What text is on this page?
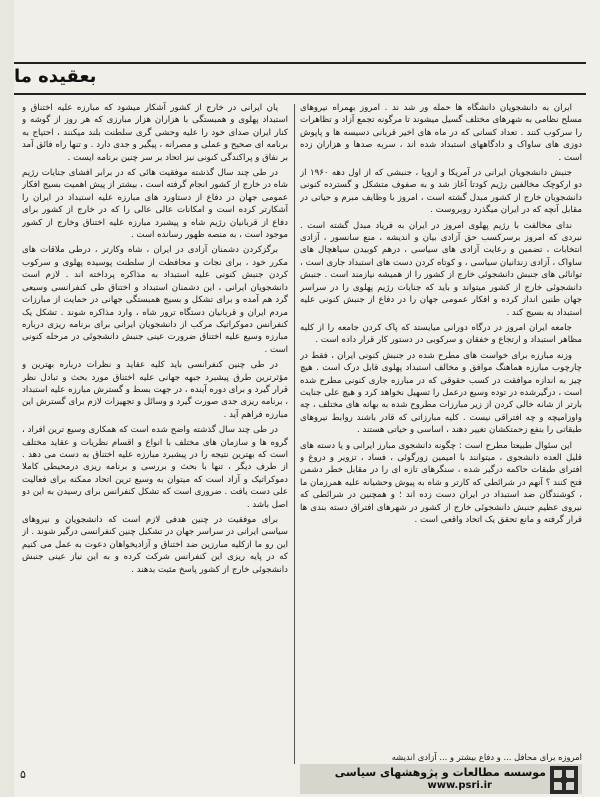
بعقیده ما

ایران به دانشجویان دانشگاه ها حمله ور شد ند . امروز بهمراه نیروهای مسلح نظامی به شهرهای مختلف گسیل میشوند تا مرگونه تجمع آزاد و تظاهرات را سرکوب کنند . تعداد کسانی که در ماه های اخیر قربانی دسیسه ها و پاپوش دوزی های ساواک و دادگاههای استبداد شده اند ، سربه صدها و هزاران زده است .

جنبش دانشجویان ایرانی در آمریکا و اروپا ، جنبشی که از اول دهه ۱۹۶۰ از دو ارکوچک مخالفین رژیم کودتا آغاز شد و به صفوف متشکل و گسترده کنونی دانشجویان خارج از کشور مبدل گشته است ، امروز با وظایف مبرم و حیاتی در مقابل آنچه که در ایران میگذرد روبروست .

ندای مخالفت با رژیم پهلوی امروز در ایران به فریاد مبدل گشته است . نبردی که امروز برسرکسب حق آزادی بیان و اندیشه ، منع سانسور ، آزادی انتخابات ، تضمین و رعایت آزادی های سیاسی ، درهم کوبیدن سیاهچال های ساواک ، آزادی زندانیان سیاسی ، و کوتاه کردن دست های استبداد جاری است ، توانائی های جنبش دانشجوئی خارج از کشور را از همیشه نیازمند است . جنبش دانشجوئی خارج از کشور میتواند و باید که جنایات رژیم پهلوی را در سراسر جهان طنین انداز کرده و افکار عمومی جهان را در دفاع از جنبش کنونی علیه استبداد به بسیج کند .

جامعه ایران امروز در درگاه دورانی میایستد که پاک کردن جامعه را از کلیه مظاهر استبداد و ارتجاع و خفقان و سرکوبی در دستور کار قرار داده است .

وزنه مبارزه برای خواست های مطرح شده در جنبش کنونی ایران ، فقط در چارچوب مبارزه هماهنگ موافق و مخالف استبداد پهلوی قابل درک است . هیچ چیز به اندازه موافقت در کسب حقوقی که در مبارزه جاری کنونی مطرح شده است ، درگیرشده در توده وسیع درعمل را تسهیل نخواهد کرد و هیچ علی جنایت بارتر از شانه خالی کردن از زیر مبارزات مطروح شده به بهانه های مختلف ، چه واوزامیچه و چه افتراقی نیست . کلیه مبارزاتی که قادر باشند روابط نیروهای طبقاتی را بنفع زحمتکشان تغییر دهند ، اساسی و حیاتی هستند .

این سئوال طبیعتا مطرح است : چگونه دانشجوی مبارز ایرانی و یا دسته های قلیل العده دانشجوی ، میتوانند با امیمین زورگوئی ، فساد ، تزویر و دروغ و افترای طبقات حاکمه درگیر شده ، سنگرهای تازه ای را در مقابل خطر دشمن فتح کنند ؟ آنهم در شرائطی که کارتر و شاه به پیوش وحشیانه علیه همرزمان ما ، کوشندگان ضد استبداد در ایران دست زده اند ؛ و همچنین در شرائطی که نیروی عظیم جنبش دانشجوئی خارج از کشور در شهرهای افتراق دسته بندی ها قرار گرفته و مانع تحقق یک اتحاد واقعی است .

یان ایرانی در خارج از کشور آشکار میشود که مبارزه علیه اختناق و استبداد پهلوی و همبستگی با هزاران هزار مبارزی که هر روز از گوشه و کنار ایران صدای خود را علیه وحشی گری سلطنت بلند میکنند ، احتیاج به برنامه ای صحیح و عملی و مصرانه ، پیگیر و جدی دارد . و تنها راه فائق آمد بر نفاق و پراکندگی کنونی نیز اتحاد بر سر چنین برنامه ایست .

در طی چند سال گذشته موفقیت هائی که در برابر افشای جنایات رژیم شاه در خارج از کشور انجام گرفته است ، بیشتر از پیش اهمیت بسیج افکار عمومی جهان در دفاع از دستاورد های مبارزه علیه استبداد در ایران را آشکارتر کرده است و امکانات عالی عالی را که در خارج از کشور برای دفاع از قربانیان رژیم شاه و پیشبرد مبارزه علیه اختناق وخارج از کشور موجود است ، به منصه ظهور رسانده است .

برگزکردن دشمنان آزادی در ایران ، شاه وکارتر ، درطی ملاقات های مکرر خود ، برای نجات و محافظت از سلطنت پوسیده پهلوی و سرکوب کردن جنبش کنونی علیه استبداد به مذاکره پرداخته اند . لازم است دانشجویان ایرانی ، این دشمنان استبداد و اختناق طی کنفرانسی وسیعی گرد هم آمده و برای تشکل و بسیج همبستگی جهانی در حمایت از مبارزات مردم ایران و قربانیان دستگاه ترور شاه ، وارد مذاکره شوند . تشکل یک کنفرانس دموکراتیک مرکب از دانشجویان ایرانی برای برنامه ریزی درباره مبارزه وسیع علیه اختناق ضرورت عینی جنبش دانشجوئی در مرحله کنونی است .

در طی چنین کنفرانسی باید کلیه عقاید و نظرات درباره بهترین و مؤثرترین طرق پیشبرد جبهه جهانی علیه اختناق مورد بحث و تبادل نظر قرار گیرد و برای دوره آینده ، در جهت بسط و گسترش مبارزه علیه استبداد ، برنامه ریزی جدی صورت گیرد و وسائل و تجهیزات لازم برای گسترش این مبارزه فراهم آید .

در طی چند سال گذشته واضح شده است که همکاری وسیع ترین افراد ، گروه ها و سازمان های مختلف با انواع و اقسام نظریات و عقاید مختلف است که بهترین نتیجه را در پیشبرد مبارزه علیه اختناق به دست می دهد . از طرف دیگر ، تنها با بحث و بررسی و برنامه ریزی درمحیطی کاملا دموکراتیک و آزاد است که میتوان به وسیع ترین اتحاد ممکنه برای فعالیت علی دست یافت . ضروری است که تشکل کنفرانس برای رسیدن به این دو اصل باشد .

برای موفقیت در چنین هدفی لازم است که دانشجویان و نیروهای سیاسی ایرانی در سراسر جهان در تشکیل چنین کنفرانسی درگیر شوند . از این رو ما ازکلیه مبارزین ضد اختناق و آزادیخواهان دعوت به عمل می کنیم که در پایه ریزی این کنفرانس شرکت کرده و به این نیاز عینی جنبش دانشجوئی خارج از کشور پاسخ مثبت بدهند .

امروزه برای محافل ... و دفاع بیشتر و ... آزادی اندیشه
۵	موسسه مطالعات و پژوهشهای سیاسی
www.psri.ir
